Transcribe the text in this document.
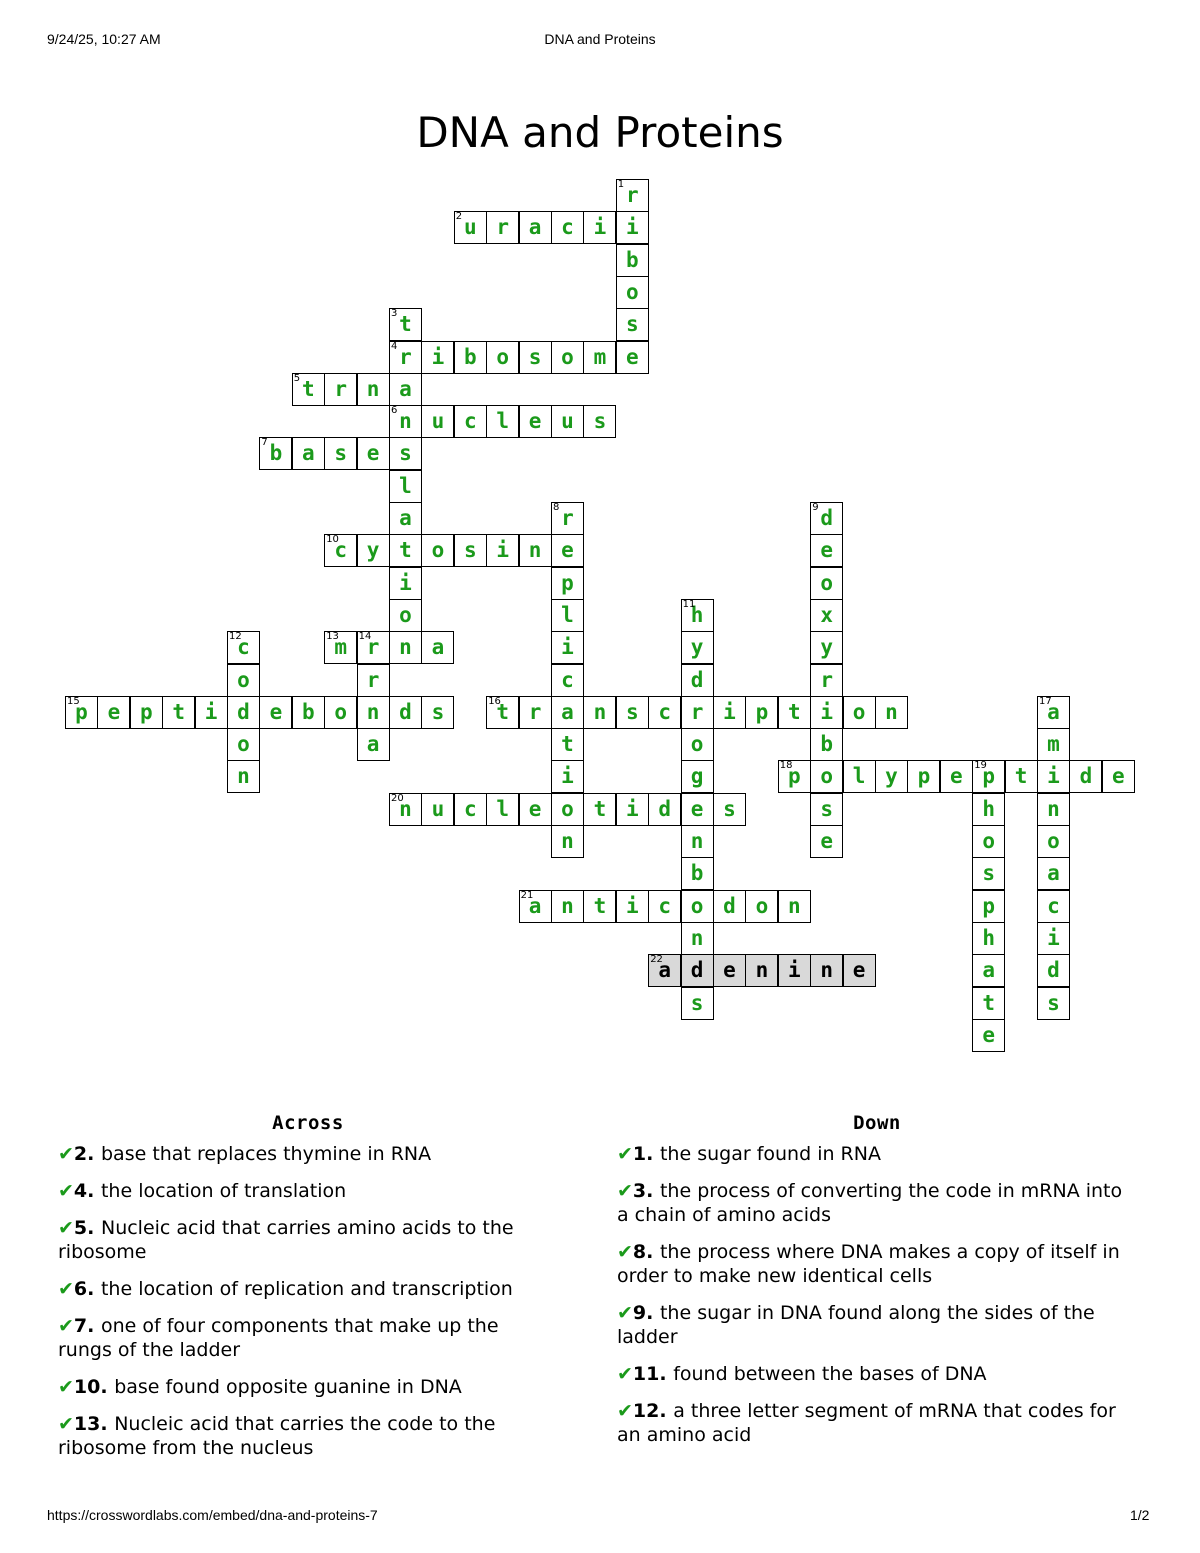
9/24/25, 10:27 AM	DNA and Proteins
DNA and Proteins
r
1
i
b
o
s
e
u
2	r a c i
t
3
r
4
a
n
6
s
l
a
t
i
o
n
i b o s o m
t
5	r n
u c l e u s
b
7	a s e
r
8
e
p
l
i
c
a
t
i
o
n
d
9
e
o
x
y
r
i
b
o
s
e
c
10	y	o s i n
h
11
y
d
r
o
g
e
n
b
o
n
d
s
c
12
o
d
o
n
m
13	r
14	a
r
n
a
p
15	e p t i	e b o	d s	t
16	r	n s c	i p t	o n	a
17
m
i
n
o
a
c
i
d
s
p
18	l y p e p
19	t	d e
h
o
s
p
h
a
t
e
n
20	u c l e	t i d	s
a
21	n t i c	d o n
a
22	e n i n e
Across
✔2. base that replaces thymine in RNA
✔4. the location of translation
✔5. Nucleic acid that carries amino acids to the ribosome
✔6. the location of replication and transcription
✔7. one of four components that make up the rungs of the ladder
✔10. base found opposite guanine in DNA
✔13. Nucleic acid that carries the code to the ribosome from the nucleus
Down
✔1. the sugar found in RNA
✔3. the process of converting the code in mRNA into a chain of amino acids
✔8. the process where DNA makes a copy of itself in order to make new identical cells
✔9. the sugar in DNA found along the sides of the ladder
✔11. found between the bases of DNA
✔12. a three letter segment of mRNA that codes for an amino acid
https://crosswordlabs.com/embed/dna-and-proteins-7	1/2
